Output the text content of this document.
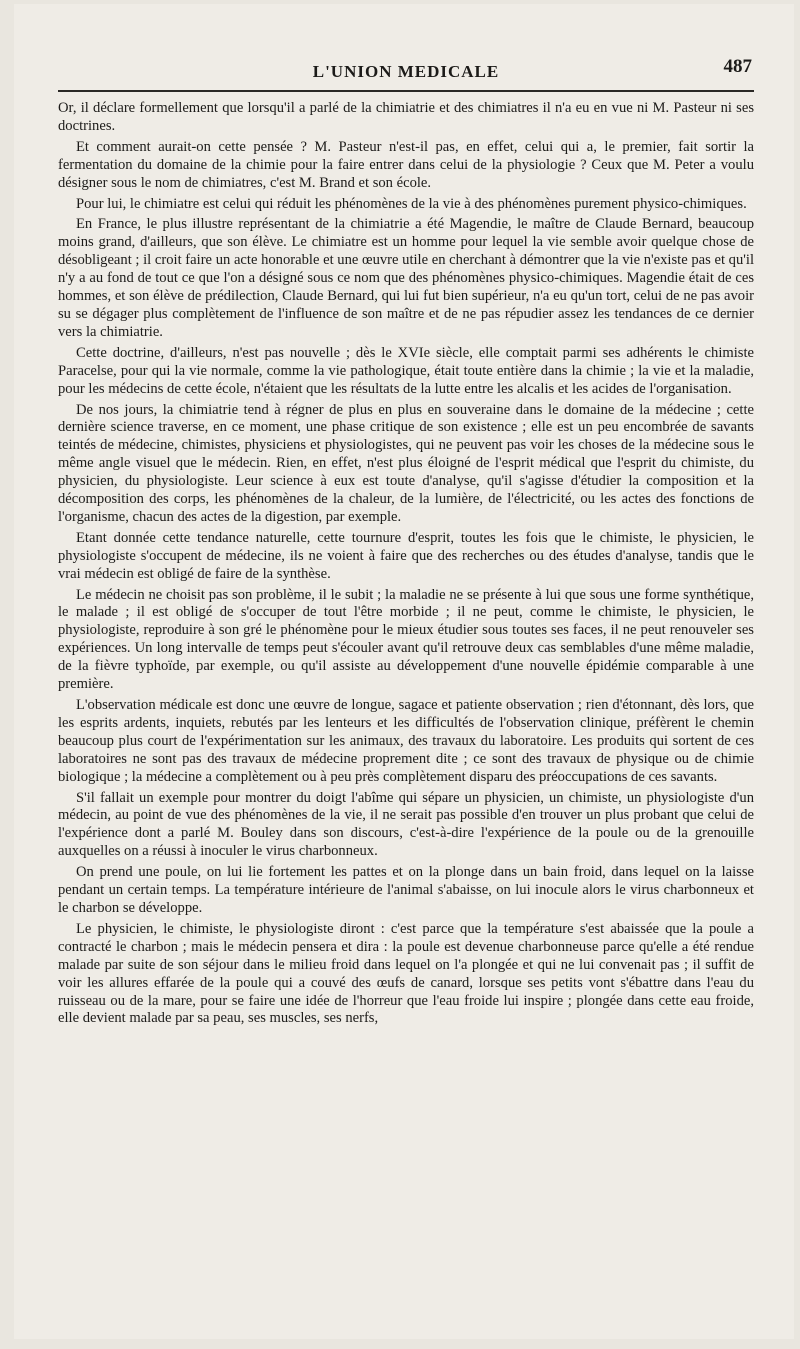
L'UNION MEDICALE	487

Or, il déclare formellement que lorsqu'il a parlé de la chimiatrie et des chimiatres il n'a eu en vue ni M. Pasteur ni ses doctrines.

Et comment aurait-on cette pensée ? M. Pasteur n'est-il pas, en effet, celui qui a, le premier, fait sortir la fermentation du domaine de la chimie pour la faire entrer dans celui de la physiologie ? Ceux que M. Peter a voulu désigner sous le nom de chimiatres, c'est M. Brand et son école.

Pour lui, le chimiatre est celui qui réduit les phénomènes de la vie à des phénomènes purement physico-chimiques.

En France, le plus illustre représentant de la chimiatrie a été Magendie, le maître de Claude Bernard, beaucoup moins grand, d'ailleurs, que son élève. Le chimiatre est un homme pour lequel la vie semble avoir quelque chose de désobligeant ; il croit faire un acte honorable et une œuvre utile en cherchant à démontrer que la vie n'existe pas et qu'il n'y a au fond de tout ce que l'on a désigné sous ce nom que des phénomènes physico-chimiques. Magendie était de ces hommes, et son élève de prédilection, Claude Bernard, qui lui fut bien supérieur, n'a eu qu'un tort, celui de ne pas avoir su se dégager plus complètement de l'influence de son maître et de ne pas répudier assez les tendances de ce dernier vers la chimiatrie.

Cette doctrine, d'ailleurs, n'est pas nouvelle ; dès le XVIe siècle, elle comptait parmi ses adhérents le chimiste Paracelse, pour qui la vie normale, comme la vie pathologique, était toute entière dans la chimie ; la vie et la maladie, pour les médecins de cette école, n'étaient que les résultats de la lutte entre les alcalis et les acides de l'organisation.

De nos jours, la chimiatrie tend à régner de plus en plus en souveraine dans le domaine de la médecine ; cette dernière science traverse, en ce moment, une phase critique de son existence ; elle est un peu encombrée de savants teintés de médecine, chimistes, physiciens et physiologistes, qui ne peuvent pas voir les choses de la médecine sous le même angle visuel que le médecin. Rien, en effet, n'est plus éloigné de l'esprit médical que l'esprit du chimiste, du physicien, du physiologiste. Leur science à eux est toute d'analyse, qu'il s'agisse d'étudier la composition et la décomposition des corps, les phénomènes de la chaleur, de la lumière, de l'électricité, ou les actes des fonctions de l'organisme, chacun des actes de la digestion, par exemple.

Etant donnée cette tendance naturelle, cette tournure d'esprit, toutes les fois que le chimiste, le physicien, le physiologiste s'occupent de médecine, ils ne voient à faire que des recherches ou des études d'analyse, tandis que le vrai médecin est obligé de faire de la synthèse.

Le médecin ne choisit pas son problème, il le subit ; la maladie ne se présente à lui que sous une forme synthétique, le malade ; il est obligé de s'occuper de tout l'être morbide ; il ne peut, comme le chimiste, le physicien, le physiologiste, reproduire à son gré le phénomène pour le mieux étudier sous toutes ses faces, il ne peut renouveler ses expériences. Un long intervalle de temps peut s'écouler avant qu'il retrouve deux cas semblables d'une même maladie, de la fièvre typhoïde, par exemple, ou qu'il assiste au développement d'une nouvelle épidémie comparable à une première.

L'observation médicale est donc une œuvre de longue, sagace et patiente observation ; rien d'étonnant, dès lors, que les esprits ardents, inquiets, rebutés par les lenteurs et les difficultés de l'observation clinique, préfèrent le chemin beaucoup plus court de l'expérimentation sur les animaux, des travaux du laboratoire. Les produits qui sortent de ces laboratoires ne sont pas des travaux de médecine proprement dite ; ce sont des travaux de physique ou de chimie biologique ; la médecine a complètement ou à peu près complètement disparu des préoccupations de ces savants.

S'il fallait un exemple pour montrer du doigt l'abîme qui sépare un physicien, un chimiste, un physiologiste d'un médecin, au point de vue des phénomènes de la vie, il ne serait pas possible d'en trouver un plus probant que celui de l'expérience dont a parlé M. Bouley dans son discours, c'est-à-dire l'expérience de la poule ou de la grenouille auxquelles on a réussi à inoculer le virus charbonneux.

On prend une poule, on lui lie fortement les pattes et on la plonge dans un bain froid, dans lequel on la laisse pendant un certain temps. La température intérieure de l'animal s'abaisse, on lui inocule alors le virus charbonneux et le charbon se développe.

Le physicien, le chimiste, le physiologiste diront : c'est parce que la température s'est abaissée que la poule a contracté le charbon ; mais le médecin pensera et dira : la poule est devenue charbonneuse parce qu'elle a été rendue malade par suite de son séjour dans le milieu froid dans lequel on l'a plongée et qui ne lui convenait pas ; il suffit de voir les allures effarée de la poule qui a couvé des œufs de canard, lorsque ses petits vont s'ébattre dans l'eau du ruisseau ou de la mare, pour se faire une idée de l'horreur que l'eau froide lui inspire ; plongée dans cette eau froide, elle devient malade par sa peau, ses muscles, ses nerfs,
